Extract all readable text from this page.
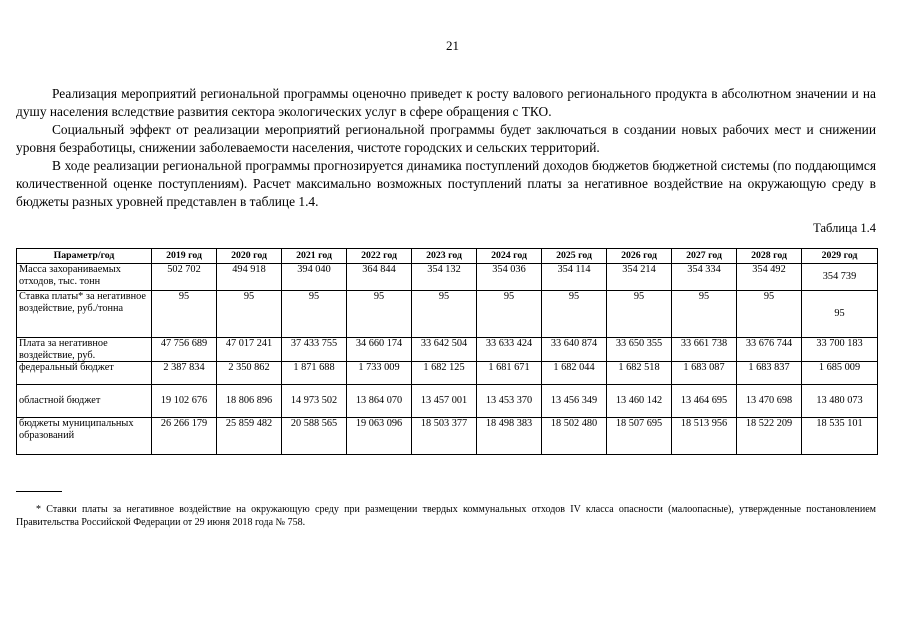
21

Реализация мероприятий региональной программы оценочно приведет к росту валового регионального продукта в абсолютном значении и на душу населения вследствие развития сектора экологических услуг в сфере обращения с ТКО.

Социальный эффект от реализации мероприятий региональной программы будет заключаться в создании новых рабочих мест и снижении уровня безработицы, снижении заболеваемости населения, чистоте городских и сельских территорий.

В ходе реализации региональной программы прогнозируется динамика поступлений доходов бюджетов бюджетной системы (по поддающимся количественной оценке поступлениям). Расчет максимально возможных поступлений платы за негативное воздействие на окружающую среду в бюджеты разных уровней представлен в таблице 1.4.

Таблица 1.4
Параметр/год	2019 год	2020 год	2021 год	2022 год	2023 год	2024 год	2025 год	2026 год	2027 год	2028 год	2029 год
Масса захораниваемых отходов, тыс. тонн	502 702	494 918	394 040	364 844	354 132	354 036	354 114	354 214	354 334	354 492	354 739
Ставка платы* за негативное воздействие, руб./тонна	95	95	95	95	95	95	95	95	95	95	95
Плата за негативное воздействие, руб.	47 756 689	47 017 241	37 433 755	34 660 174	33 642 504	33 633 424	33 640 874	33 650 355	33 661 738	33 676 744	33 700 183
федеральный бюджет	2 387 834	2 350 862	1 871 688	1 733 009	1 682 125	1 681 671	1 682 044	1 682 518	1 683 087	1 683 837	1 685 009
областной бюджет	19 102 676	18 806 896	14 973 502	13 864 070	13 457 001	13 453 370	13 456 349	13 460 142	13 464 695	13 470 698	13 480 073
бюджеты муниципальных образований	26 266 179	25 859 482	20 588 565	19 063 096	18 503 377	18 498 383	18 502 480	18 507 695	18 513 956	18 522 209	18 535 101
* Ставки платы за негативное воздействие на окружающую среду при размещении твердых коммунальных отходов IV класса опасности (малоопасные), утвержденные постановлением Правительства Российской Федерации от 29 июня 2018 года № 758.
